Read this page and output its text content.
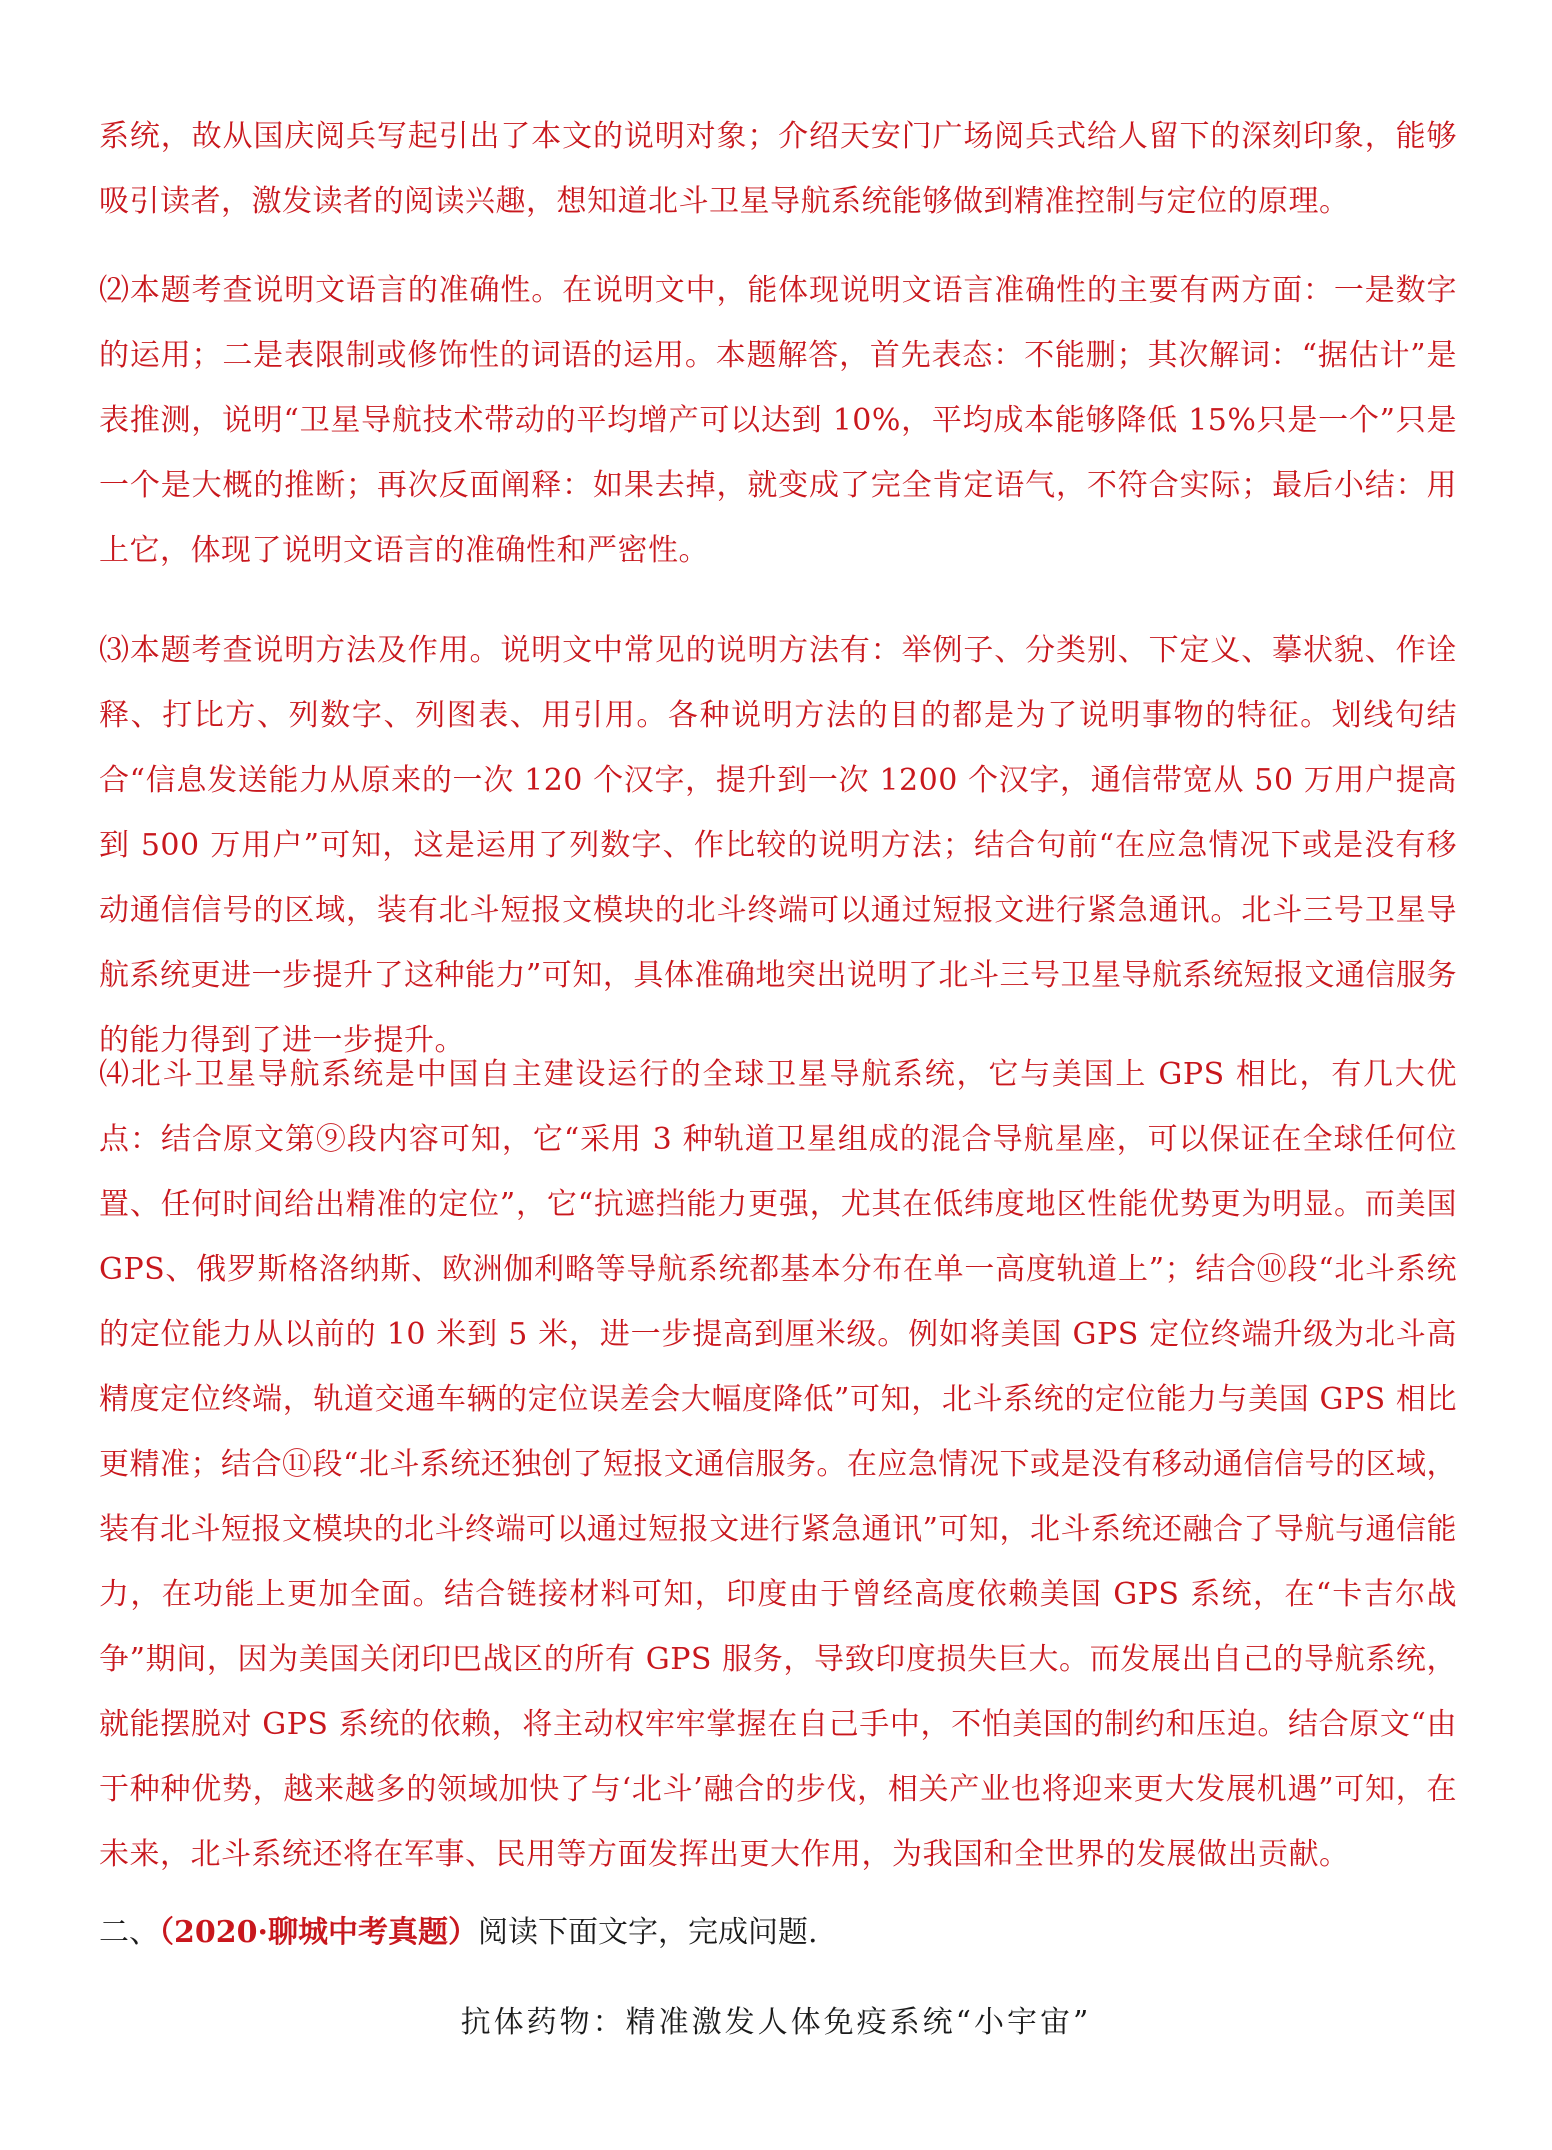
系统，故从国庆阅兵写起引出了本文的说明对象；介绍天安门广场阅兵式给人留下的深刻印象，能够吸引读者，激发读者的阅读兴趣，想知道北斗卫星导航系统能够做到精准控制与定位的原理。

⑵本题考查说明文语言的准确性。在说明文中，能体现说明文语言准确性的主要有两方面：一是数字的运用；二是表限制或修饰性的词语的运用。本题解答，首先表态：不能删；其次解词：“据估计”是表推测，说明“卫星导航技术带动的平均增产可以达到 10%，平均成本能够降低 15%只是一个”只是一个是大概的推断；再次反面阐释：如果去掉，就变成了完全肯定语气，不符合实际；最后小结：用上它，体现了说明文语言的准确性和严密性。

⑶本题考查说明方法及作用。说明文中常见的说明方法有：举例子、分类别、下定义、摹状貌、作诠释、打比方、列数字、列图表、用引用。各种说明方法的目的都是为了说明事物的特征。划线句结合“信息发送能力从原来的一次 120 个汉字，提升到一次 1200 个汉字，通信带宽从 50 万用户提高到 500 万用户”可知，这是运用了列数字、作比较的说明方法；结合句前“在应急情况下或是没有移动通信信号的区域，装有北斗短报文模块的北斗终端可以通过短报文进行紧急通讯。北斗三号卫星导航系统更进一步提升了这种能力”可知，具体准确地突出说明了北斗三号卫星导航系统短报文通信服务的能力得到了进一步提升。

⑷北斗卫星导航系统是中国自主建设运行的全球卫星导航系统，它与美国上 GPS 相比，有几大优点：结合原文第⑨段内容可知，它“采用 3 种轨道卫星组成的混合导航星座，可以保证在全球任何位置、任何时间给出精准的定位”，它“抗遮挡能力更强，尤其在低纬度地区性能优势更为明显。而美国 GPS、俄罗斯格洛纳斯、欧洲伽利略等导航系统都基本分布在单一高度轨道上”；结合⑩段“北斗系统的定位能力从以前的 10 米到 5 米，进一步提高到厘米级。例如将美国 GPS 定位终端升级为北斗高精度定位终端，轨道交通车辆的定位误差会大幅度降低”可知，北斗系统的定位能力与美国 GPS 相比更精准；结合⑪段“北斗系统还独创了短报文通信服务。在应急情况下或是没有移动通信信号的区域，装有北斗短报文模块的北斗终端可以通过短报文进行紧急通讯”可知，北斗系统还融合了导航与通信能力，在功能上更加全面。结合链接材料可知，印度由于曾经高度依赖美国 GPS 系统，在“卡吉尔战争”期间，因为美国关闭印巴战区的所有 GPS 服务，导致印度损失巨大。而发展出自己的导航系统，就能摆脱对 GPS 系统的依赖，将主动权牢牢掌握在自己手中，不怕美国的制约和压迫。结合原文“由于种种优势，越来越多的领域加快了与‘北斗’融合的步伐，相关产业也将迎来更大发展机遇”可知，在未来，北斗系统还将在军事、民用等方面发挥出更大作用，为我国和全世界的发展做出贡献。

二、（2020·聊城中考真题）阅读下面文字，完成问题.

抗体药物：精准激发人体免疫系统“小宇宙”
